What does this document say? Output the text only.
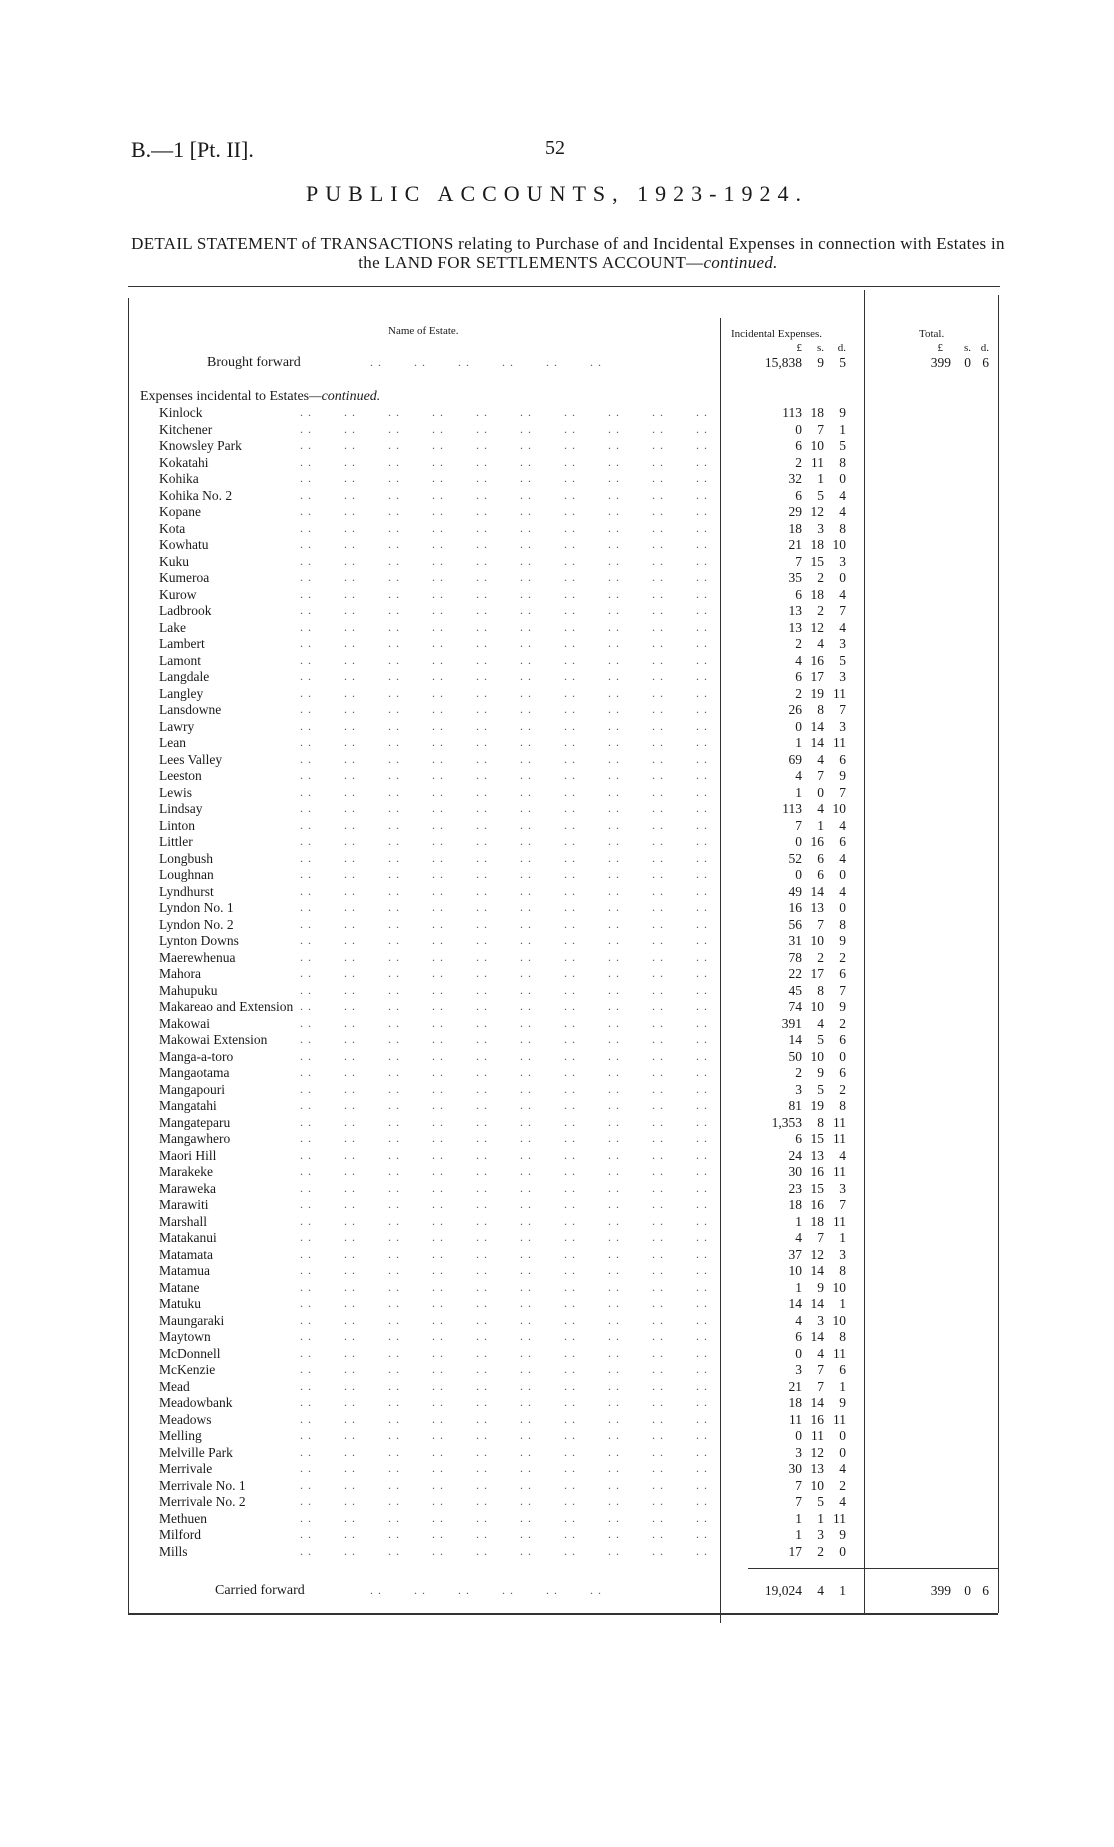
B.—1 [Pt. II].	52
PUBLIC ACCOUNTS, 1923-1924.
DETAIL STATEMENT of TRANSACTIONS relating to Purchase of and Incidental Expenses in connection with Estates in the LAND FOR SETTLEMENTS ACCOUNT—continued.
Name of Estate.	Incidental Expenses.	Total.
£	s.	d.	£	s. d.
Brought forward	. .        . .        . .        . .        . .        . .	15,838	9	5	399 0 6
Expenses incidental to Estates—continued.
Kinlock	. .        . .        . .        . .        . .        . .        . .        . .        . .        . .	113 18	9
Kitchener	. .        . .        . .        . .        . .        . .        . .        . .        . .        . .	0	7	1
Knowsley Park	. .        . .        . .        . .        . .        . .        . .        . .        . .        . .	6 10	5
Kokatahi	. .        . .        . .        . .        . .        . .        . .        . .        . .        . .	2 11	8
Kohika	. .        . .        . .        . .        . .        . .        . .        . .        . .        . .	32	1	0
Kohika No. 2	. .        . .        . .        . .        . .        . .        . .        . .        . .        . .	6	5	4
Kopane	. .        . .        . .        . .        . .        . .        . .        . .        . .        . .	29 12	4
Kota	. .        . .        . .        . .        . .        . .        . .        . .        . .        . .	18	3	8
Kowhatu	. .        . .        . .        . .        . .        . .        . .        . .        . .        . .	21 18 10
Kuku	. .        . .        . .        . .        . .        . .        . .        . .        . .        . .	7 15	3
Kumeroa	. .        . .        . .        . .        . .        . .        . .        . .        . .        . .	35	2	0
Kurow	. .        . .        . .        . .        . .        . .        . .        . .        . .        . .	6 18	4
Ladbrook	. .        . .        . .        . .        . .        . .        . .        . .        . .        . .	13	2	7
Lake	. .        . .        . .        . .        . .        . .        . .        . .        . .        . .	13 12	4
Lambert	. .        . .        . .        . .        . .        . .        . .        . .        . .        . .	2	4	3
Lamont	. .        . .        . .        . .        . .        . .        . .        . .        . .        . .	4 16	5
Langdale	. .        . .        . .        . .        . .        . .        . .        . .        . .        . .	6 17	3
Langley	. .        . .        . .        . .        . .        . .        . .        . .        . .        . .	2 19 11
Lansdowne	. .        . .        . .        . .        . .        . .        . .        . .        . .        . .	26	8	7
Lawry	. .        . .        . .        . .        . .        . .        . .        . .        . .        . .	0 14	3
Lean	. .        . .        . .        . .        . .        . .        . .        . .        . .        . .	1 14 11
Lees Valley	. .        . .        . .        . .        . .        . .        . .        . .        . .        . .	69	4	6
Leeston	. .        . .        . .        . .        . .        . .        . .        . .        . .        . .	4	7	9
Lewis	. .        . .        . .        . .        . .        . .        . .        . .        . .        . .	1	0	7
Lindsay	. .        . .        . .        . .        . .        . .        . .        . .        . .        . .	113	4 10
Linton	. .        . .        . .        . .        . .        . .        . .        . .        . .        . .	7	1	4
Littler	. .        . .        . .        . .        . .        . .        . .        . .        . .        . .	0 16	6
Longbush	. .        . .        . .        . .        . .        . .        . .        . .        . .        . .	52	6	4
Loughnan	. .        . .        . .        . .        . .        . .        . .        . .        . .        . .	0	6	0
Lyndhurst	. .        . .        . .        . .        . .        . .        . .        . .        . .        . .	49 14	4
Lyndon No. 1	. .        . .        . .        . .        . .        . .        . .        . .        . .        . .	16 13	0
Lyndon No. 2	. .        . .        . .        . .        . .        . .        . .        . .        . .        . .	56	7	8
Lynton Downs	. .        . .        . .        . .        . .        . .        . .        . .        . .        . .	31 10	9
Maerewhenua	. .        . .        . .        . .        . .        . .        . .        . .        . .        . .	78	2	2
Mahora	. .        . .        . .        . .        . .        . .        . .        . .        . .        . .	22 17	6
Mahupuku	. .        . .        . .        . .        . .        . .        . .        . .        . .        . .	45	8	7
Makareao and Extension . .        . .        . .        . .        . .        . .        . .        . .        . .        . .	74 10	9
Makowai	. .        . .        . .        . .        . .        . .        . .        . .        . .        . .	391	4	2
Makowai Extension	. .        . .        . .        . .        . .        . .        . .        . .        . .        . .	14	5	6
Manga-a-toro	. .        . .        . .        . .        . .        . .        . .        . .        . .        . .	50 10	0
Mangaotama	. .        . .        . .        . .        . .        . .        . .        . .        . .        . .	2	9	6
Mangapouri	. .        . .        . .        . .        . .        . .        . .        . .        . .        . .	3	5	2
Mangatahi	. .        . .        . .        . .        . .        . .        . .        . .        . .        . .	81 19	8
Mangateparu	. .        . .        . .        . .        . .        . .        . .        . .        . .        . .	1,353	8 11
Mangawhero	. .        . .        . .        . .        . .        . .        . .        . .        . .        . .	6 15 11
Maori Hill	. .        . .        . .        . .        . .        . .        . .        . .        . .        . .	24 13	4
Marakeke	. .        . .        . .        . .        . .        . .        . .        . .        . .        . .	30 16 11
Maraweka	. .        . .        . .        . .        . .        . .        . .        . .        . .        . .	23 15	3
Marawiti	. .        . .        . .        . .        . .        . .        . .        . .        . .        . .	18 16	7
Marshall	. .        . .        . .        . .        . .        . .        . .        . .        . .        . .	1 18 11
Matakanui	. .        . .        . .        . .        . .        . .        . .        . .        . .        . .	4	7	1
Matamata	. .        . .        . .        . .        . .        . .        . .        . .        . .        . .	37 12	3
Matamua	. .        . .        . .        . .        . .        . .        . .        . .        . .        . .	10 14	8
Matane	. .        . .        . .        . .        . .        . .        . .        . .        . .        . .	1	9 10
Matuku	. .        . .        . .        . .        . .        . .        . .        . .        . .        . .	14 14	1
Maungaraki	. .        . .        . .        . .        . .        . .        . .        . .        . .        . .	4	3 10
Maytown	. .        . .        . .        . .        . .        . .        . .        . .        . .        . .	6 14	8
McDonnell	. .        . .        . .        . .        . .        . .        . .        . .        . .        . .	0	4 11
McKenzie	. .        . .        . .        . .        . .        . .        . .        . .        . .        . .	3	7	6
Mead	. .        . .        . .        . .        . .        . .        . .        . .        . .        . .	21	7	1
Meadowbank	. .        . .        . .        . .        . .        . .        . .        . .        . .        . .	18 14	9
Meadows	. .        . .        . .        . .        . .        . .        . .        . .        . .        . .	11 16 11
Melling	. .        . .        . .        . .        . .        . .        . .        . .        . .        . .	0 11	0
Melville Park	. .        . .        . .        . .        . .        . .        . .        . .        . .        . .	3 12	0
Merrivale	. .        . .        . .        . .        . .        . .        . .        . .        . .        . .	30 13	4
Merrivale No. 1	. .        . .        . .        . .        . .        . .        . .        . .        . .        . .	7 10	2
Merrivale No. 2	. .        . .        . .        . .        . .        . .        . .        . .        . .        . .	7	5	4
Methuen	. .        . .        . .        . .        . .        . .        . .        . .        . .        . .	1	1 11
Milford	. .        . .        . .        . .        . .        . .        . .        . .        . .        . .	1	3	9
Mills	. .        . .        . .        . .        . .        . .        . .        . .        . .        . .	17	2	0
Carried forward	. .        . .        . .        . .        . .        . .	19,024	4	1	399 0 6
